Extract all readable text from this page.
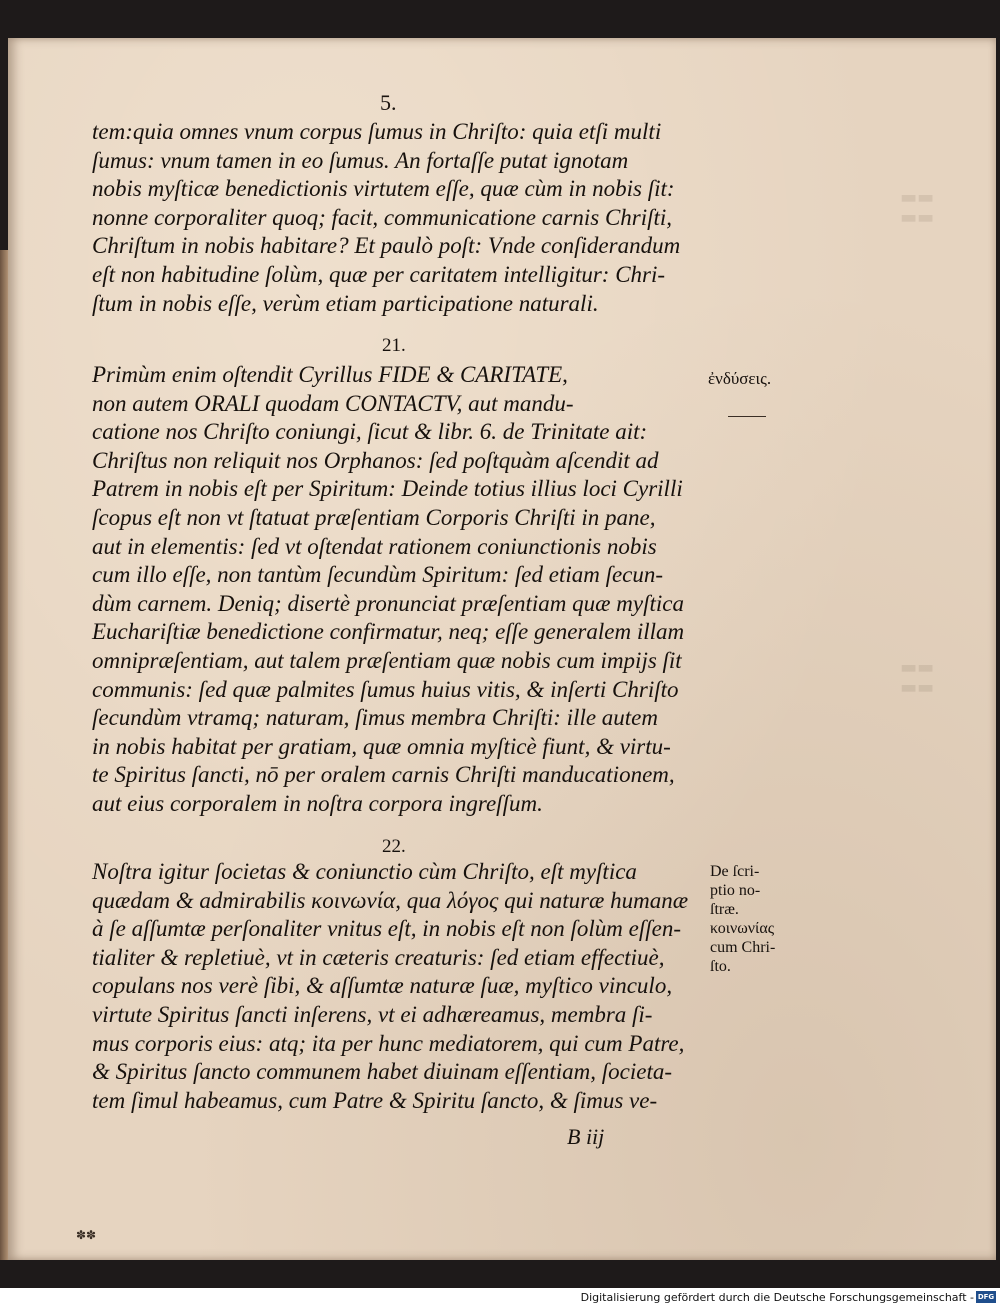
▬▬
▬▬
▬▬
▬▬
5.
tem:quia omnes vnum corpus ſumus in Chriſto: quia etſi multi
ſumus: vnum tamen in eo ſumus. An fortaſſe putat ignotam
nobis myſticæ benedictionis virtutem eſſe, quæ cùm in nobis ſit:
nonne corporaliter quoq; facit, communicatione carnis Chriſti,
Chriſtum in nobis habitare? Et paulò poſt: Vnde conſiderandum
eſt non habitudine ſolùm, quæ per caritatem intelligitur: Chri-
ſtum in nobis eſſe, verùm etiam participatione naturali.
21.
Primùm enim oſtendit Cyrillus FIDE & CARITATE,
non autem ORALI quodam CONTACTV, aut mandu-
catione nos Chriſto coniungi, ſicut & libr. 6. de Trinitate ait:
Chriſtus non reliquit nos Orphanos: ſed poſtquàm aſcendit ad
Patrem in nobis eſt per Spiritum: Deinde totius illius loci Cyrilli
ſcopus eſt non vt ſtatuat præſentiam Corporis Chriſti in pane,
aut in elementis: ſed vt oſtendat rationem coniunctionis nobis
cum illo eſſe, non tantùm ſecundùm Spiritum: ſed etiam ſecun-
dùm carnem. Deniq; disertè pronunciat præſentiam quæ myſtica
Euchariſtiæ benedictione confirmatur, neq; eſſe generalem illam
omnipræſentiam, aut talem præſentiam quæ nobis cum impijs ſit
communis: ſed quæ palmites ſumus huius vitis, & inſerti Chriſto
ſecundùm vtramq; naturam, ſimus membra Chriſti: ille autem
in nobis habitat per gratiam, quæ omnia myſticè fiunt, & virtu-
te Spiritus ſancti, nō per oralem carnis Chriſti manducationem,
aut eius corporalem in noſtra corpora ingreſſum.
ἐνδύσεις.
22.
Noſtra igitur ſocietas & coniunctio cùm Chriſto, eſt myſtica
quædam & admirabilis κοινωνία, qua λόγος qui naturæ humanæ
à ſe aſſumtæ perſonaliter vnitus eſt, in nobis eſt non ſolùm eſſen-
tialiter & repletiuè, vt in cæteris creaturis: ſed etiam effectiuè,
copulans nos verè ſibi, & aſſumtæ naturæ ſuæ, myſtico vinculo,
virtute Spiritus ſancti inſerens, vt ei adhæreamus, membra ſi-
mus corporis eius: atq; ita per hunc mediatorem, qui cum Patre,
& Spiritus ſancto communem habet diuinam eſſentiam, ſocieta-
tem ſimul habeamus, cum Patre & Spiritu ſancto, & ſimus ve-
De ſcri-
ptio no-
ſtræ.
κοινωνίας
cum Chri-
ſto.
B iij
✽✽
Digitalisierung gefördert durch die Deutsche Forschungsgemeinschaft - DFG
